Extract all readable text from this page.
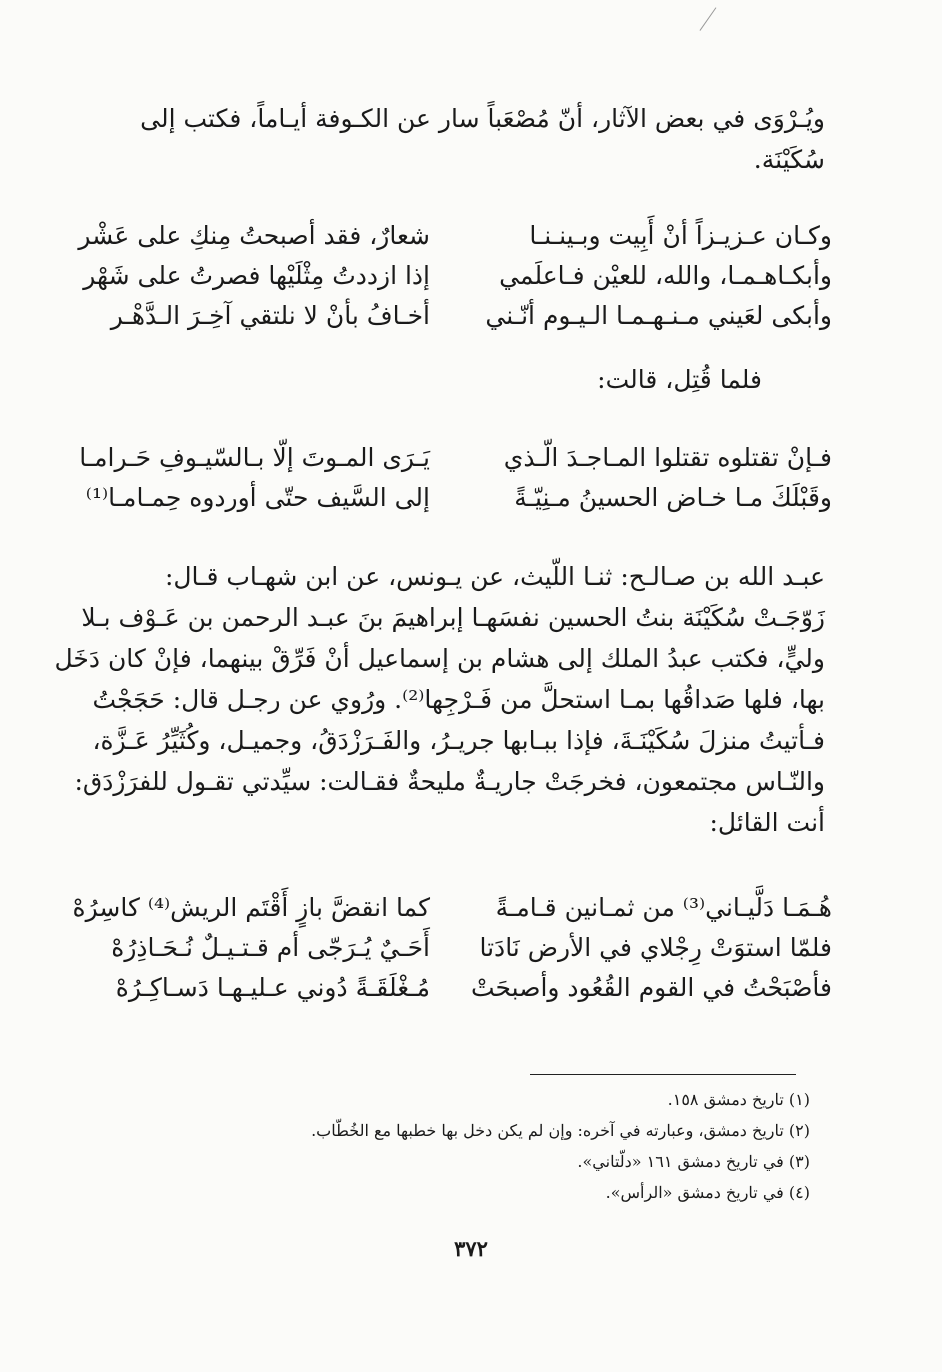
ويُـرْوَى في بعض الآثار، أنّ مُصْعَباً سار عن الكـوفة أيـاماً، فكتب إلى
سُكَيْنَة.
وكـان عـزيـزاً أنْ أَبِيت وبـينـنـا
شعارٌ، فقد أصبحتُ مِنكِ على عَشْر
وأبكـاهـمـا، والله، للعيْن فـاعلَمي
إذا ازددتُ مِثْلَيْها فصرتُ على شَهْر
وأبكى لعَيني مـنـهـمـا الـيـوم أنّـني
أخـافُ بأنْ لا نلتقي آخِـرَ الـدَّهْـر
فلما قُتِل، قالت:
فـإنْ تقتلوه تقتلوا المـاجـدَ الّـذي
يَـرَى المـوتَ إلّا بـالسّيـوفِ حَـرامـا
وقَبْلَكَ مـا خـاض الحسينُ مـنِيّـةً
إلى السَّيف حتّى أوردوه حِمـامـا⁽¹⁾
عبـد الله بن صـالـح: ثنـا اللّيث، عن يـونس، عن ابن شهـاب قـال:
زَوّجَـتْ سُكَيْنَة بنتُ الحسين نفسَهـا إبراهيمَ بنَ عبـد الرحمن بن عَـوْف بـلا
وليٍّ، فكتب عبدُ الملك إلى هشام بن إسماعيل أنْ فَرِّقْ بينهما، فإنْ كان دَخَل
بها، فلها صَداقُها بمـا استحلَّ من فَـرْجِها⁽²⁾. ورُوي عن رجـل قال: حَجَجْتُ
فـأتيتُ منزلَ سُكَيْنَـةَ، فإذا ببـابها جريـرُ، والفَـرَزْدَقُ، وجميـل، وكُثَيِّرُ عَـزَّة،
والنّـاس مجتمعون، فخرجَتْ جاريـةٌ مليحةٌ فقـالت: سيِّدتي تقـول للفرَزْدَق:
أنت القائل:
هُـمَـا دَلَّيـاني⁽³⁾ من ثمـانين قـامـةً
كما انقضَّ بازٍ أَقْتَم الريش⁽⁴⁾ كاسِرُهْ
فلمّا استوَتْ رِجْلاي في الأرض نَادَتا
أَحَـيٌ يُـرَجّى أم قـتـيـلٌ نُـحَـاذِرُهْ
فأصْبَحْتُ في القوم القُعُود وأصبحَتْ
مُـغْلَقَـةً دُوني عـليـهـا دَسـاكِـرُهْ
(١) تاريخ دمشق ١٥٨.
(٢) تاريخ دمشق، وعبارته في آخره: وإن لم يكن دخل بها خطبها مع الخُطّاب.
(٣) في تاريخ دمشق ١٦١ «دلّتاني».
(٤) في تاريخ دمشق «الرأس».
٣٧٢
